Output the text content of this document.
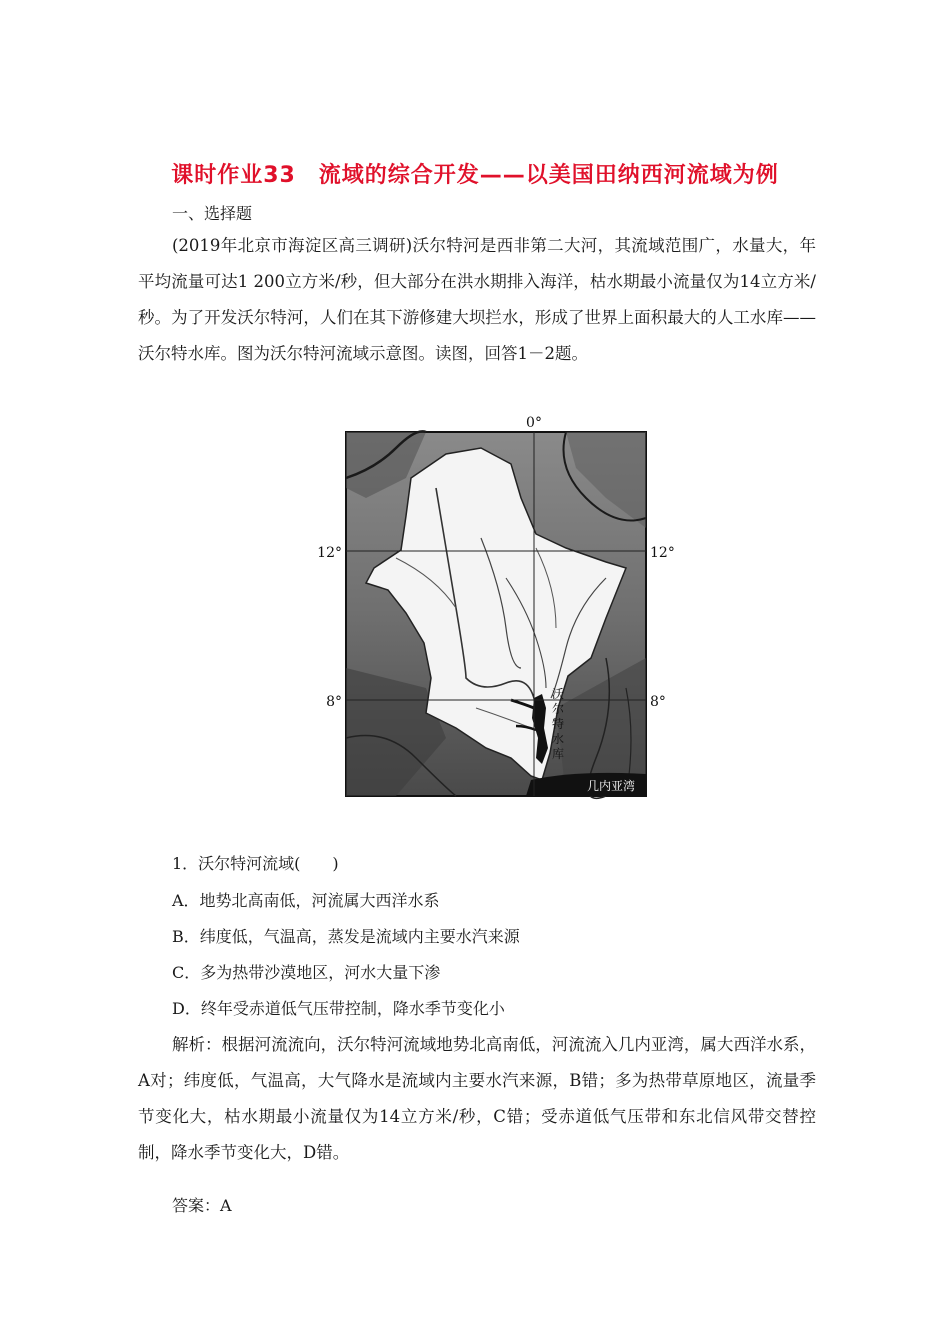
课时作业33　流域的综合开发——以美国田纳西河流域为例

一、选择题

(2019年北京市海淀区高三调研)沃尔特河是西非第二大河，其流域范围广，水量大，年平均流量可达1 200立方米/秒，但大部分在洪水期排入海洋，枯水期最小流量仅为14立方米/秒。为了开发沃尔特河，人们在其下游修建大坝拦水，形成了世界上面积最大的人工水库——沃尔特水库。图为沃尔特河流域示意图。读图，回答1－2题。

0°
12°	12°
8°	8°
沃
尔
特
水
库
几内亚湾

1．沃尔特河流域(　　)

A．地势北高南低，河流属大西洋水系

B．纬度低，气温高，蒸发是流域内主要水汽来源

C．多为热带沙漠地区，河水大量下渗

D．终年受赤道低气压带控制，降水季节变化小

解析：根据河流流向，沃尔特河流域地势北高南低，河流流入几内亚湾，属大西洋水系，A对；纬度低，气温高，大气降水是流域内主要水汽来源，B错；多为热带草原地区，流量季节变化大，枯水期最小流量仅为14立方米/秒，C错；受赤道低气压带和东北信风带交替控制，降水季节变化大，D错。

答案：A
